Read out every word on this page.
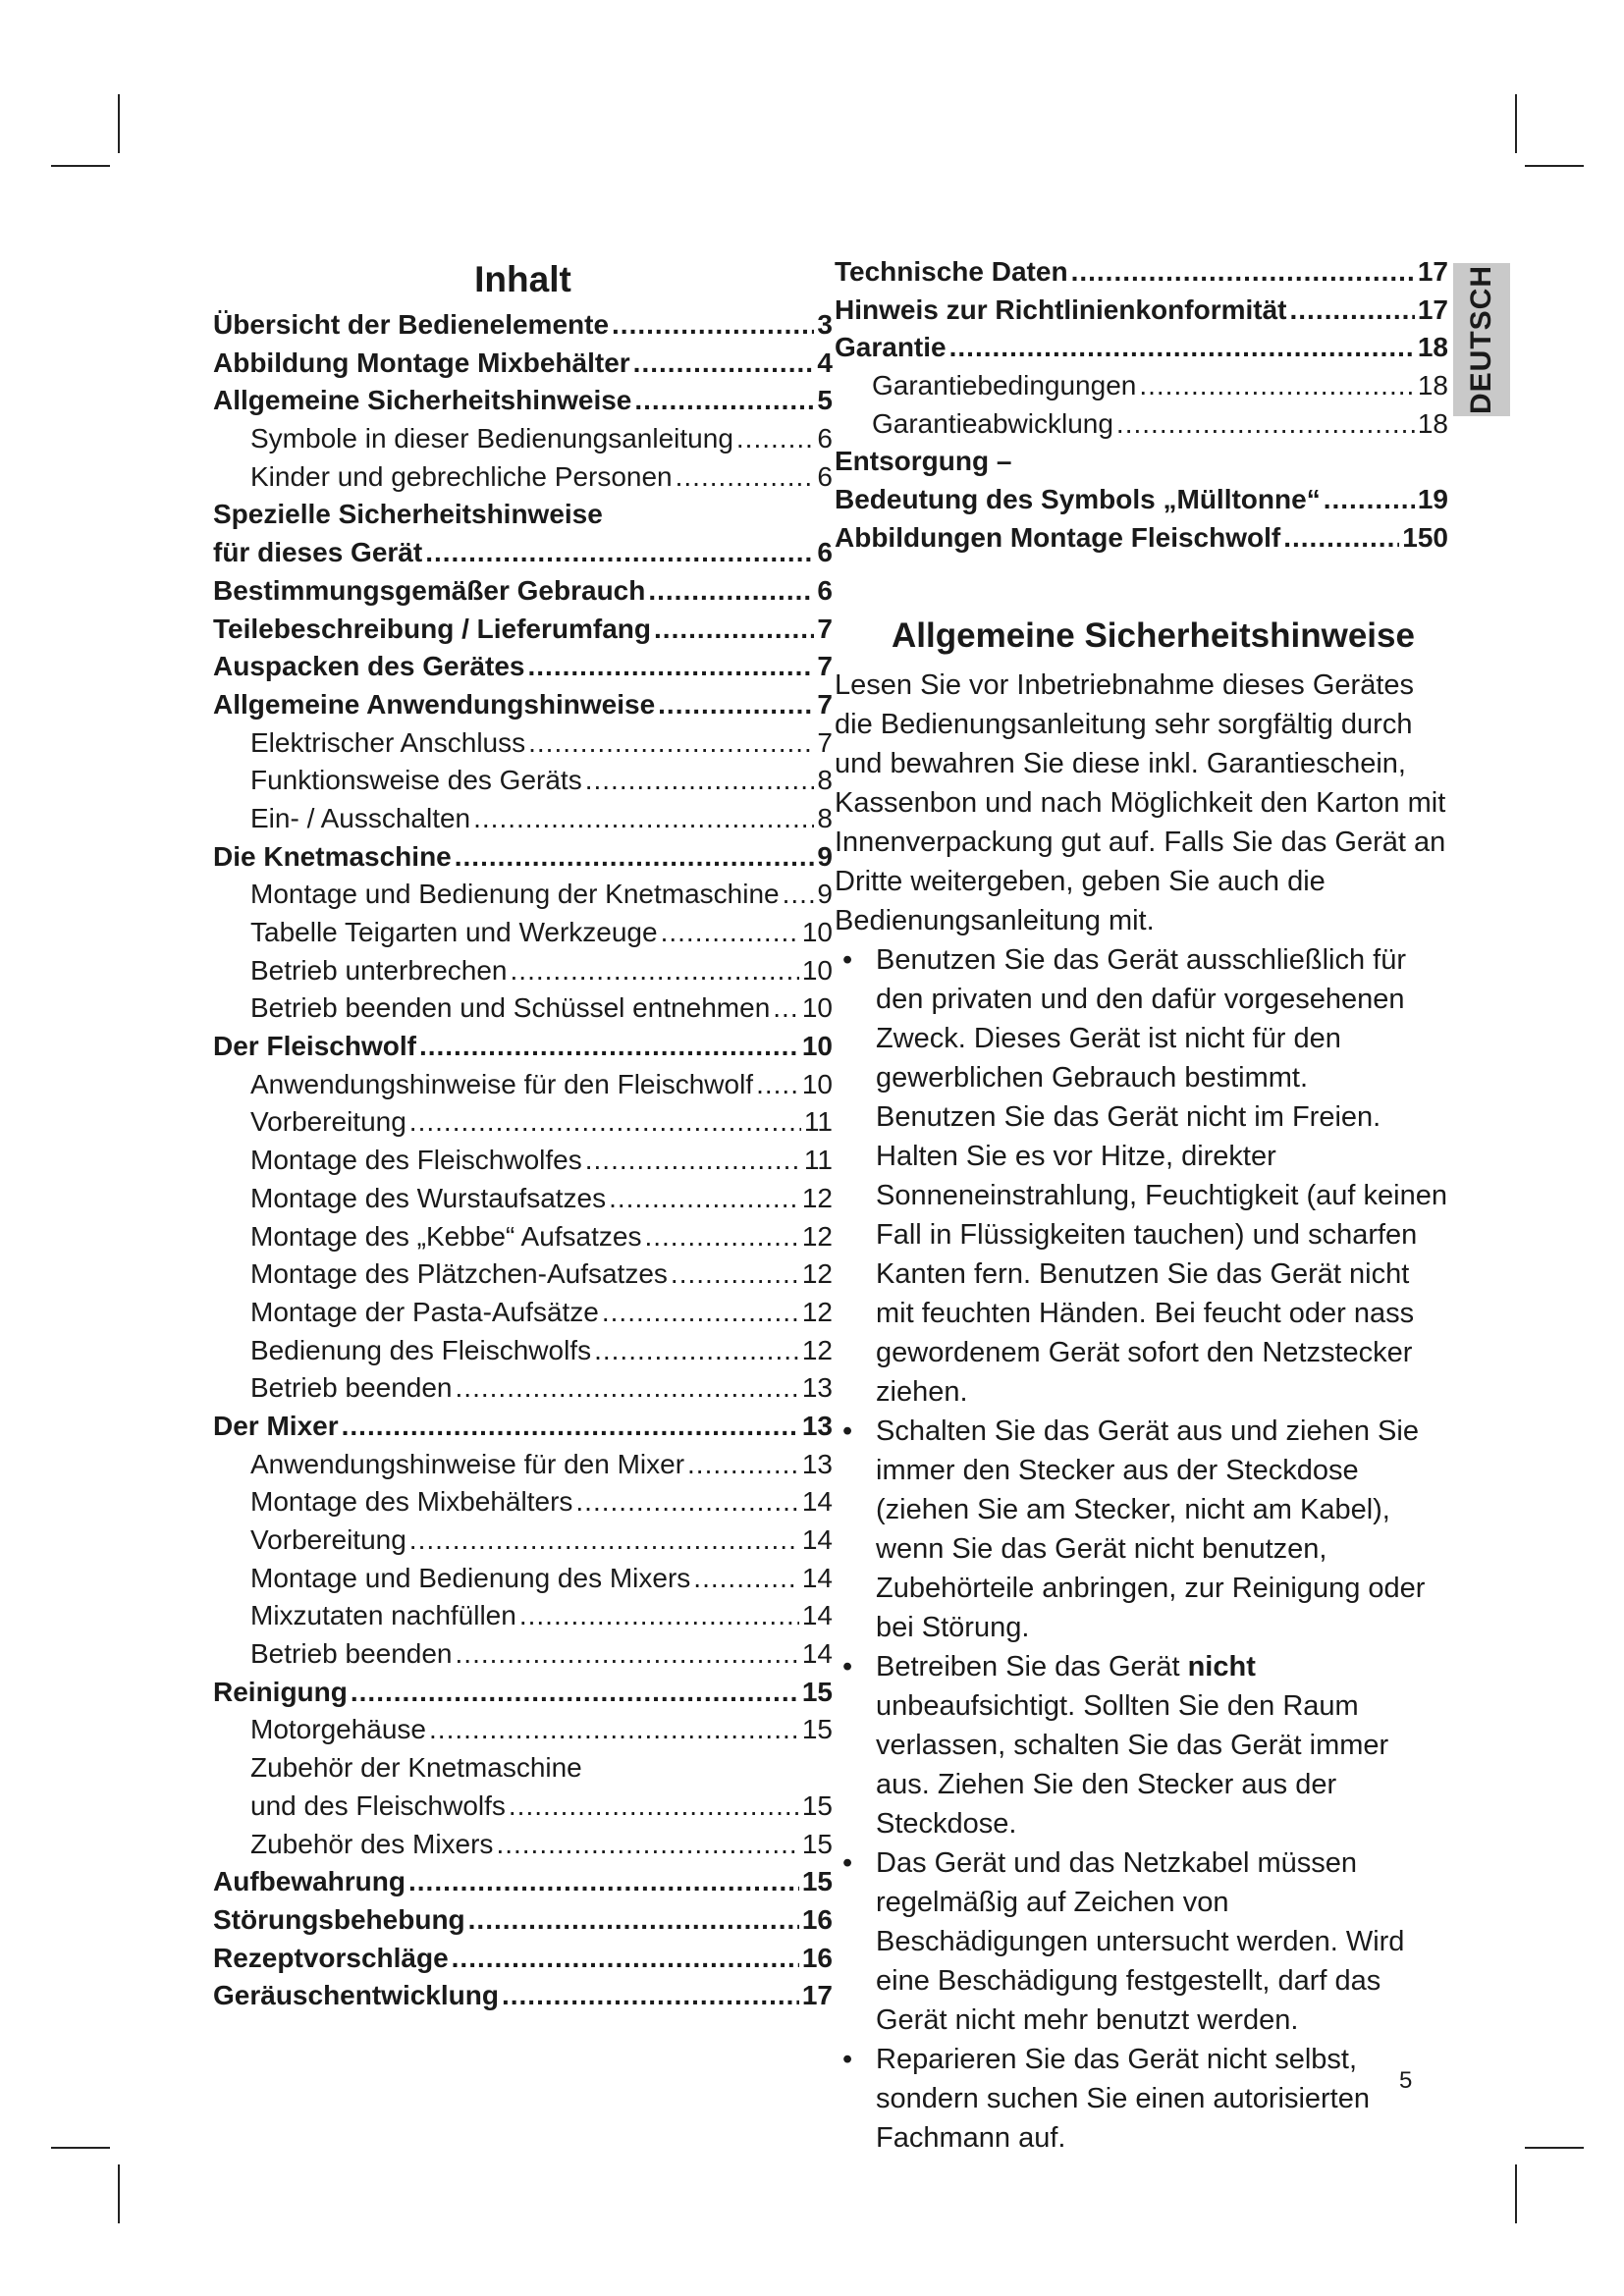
DEUTSCH
Inhalt
Übersicht der Bedienelemente .....	3
Abbildung Montage Mixbehälter .....	4
Allgemeine Sicherheitshinweise .....	5
Symbole in dieser Bedienungsanleitung .....	6
Kinder und gebrechliche Personen .....	6
Spezielle Sicherheitshinweise
für dieses Gerät .....	6
Bestimmungsgemäßer Gebrauch .....	6
Teilebeschreibung / Lieferumfang .....	7
Auspacken des Gerätes .....	7
Allgemeine Anwendungshinweise .....	7
Elektrischer Anschluss .....	7
Funktionsweise des Geräts .....	8
Ein- / Ausschalten .....	8
Die Knetmaschine .....	9
Montage und Bedienung der Knetmaschine ..... 9
Tabelle Teigarten und Werkzeuge .....	10
Betrieb unterbrechen .....	10
Betrieb beenden und Schüssel entnehmen ..... 10
Der Fleischwolf .....	10
Anwendungshinweise für den Fleischwolf ..... 10
Vorbereitung .....	11
Montage des Fleischwolfes .....	11
Montage des Wurstaufsatzes .....	12
Montage des „Kebbe“ Aufsatzes .....	12
Montage des Plätzchen-Aufsatzes .....	12
Montage der Pasta-Aufsätze .....	12
Bedienung des Fleischwolfs .....	12
Betrieb beenden .....	13
Der Mixer .....	13
Anwendungshinweise für den Mixer .....	13
Montage des Mixbehälters .....	14
Vorbereitung .....	14
Montage und Bedienung des Mixers .....	14
Mixzutaten nachfüllen .....	14
Betrieb beenden .....	14
Reinigung .....	15
Motorgehäuse .....	15
Zubehör der Knetmaschine
und des Fleischwolfs .....	15
Zubehör des Mixers .....	15
Aufbewahrung .....	15
Störungsbehebung .....	16
Rezeptvorschläge .....	16
Geräuschentwicklung .....	17
Technische Daten .....	17
Hinweis zur Richtlinienkonformität .....	17
Garantie .....	18
Garantiebedingungen .....	18
Garantieabwicklung .....	18
Entsorgung –
Bedeutung des Symbols „Mülltonne“ .....	19
Abbildungen Montage Fleischwolf .....	150
Allgemeine Sicherheitshinweise

Lesen Sie vor Inbetriebnahme dieses Gerätes die Bedienungsanleitung sehr sorgfältig durch und bewahren Sie diese inkl. Garantieschein, Kassenbon und nach Möglichkeit den Karton mit Innenverpackung gut auf. Falls Sie das Gerät an Dritte weitergeben, geben Sie auch die Bedienungsanleitung mit.

• Benutzen Sie das Gerät ausschließlich für den privaten und den dafür vorgesehenen Zweck. Dieses Gerät ist nicht für den gewerblichen Gebrauch bestimmt.

Benutzen Sie das Gerät nicht im Freien. Halten Sie es vor Hitze, direkter Sonneneinstrahlung, Feuchtigkeit (auf keinen Fall in Flüssigkeiten tauchen) und scharfen Kanten fern. Benutzen Sie das Gerät nicht mit feuchten Händen. Bei feucht oder nass gewordenem Gerät sofort den Netzstecker ziehen.

• Schalten Sie das Gerät aus und ziehen Sie immer den Stecker aus der Steckdose (ziehen Sie am Stecker, nicht am Kabel), wenn Sie das Gerät nicht benutzen, Zubehörteile anbringen, zur Reinigung oder bei Störung.

• Betreiben Sie das Gerät nicht unbeaufsichtigt. Sollten Sie den Raum verlassen, schalten Sie das Gerät immer aus. Ziehen Sie den Stecker aus der Steckdose.

• Das Gerät und das Netzkabel müssen regelmäßig auf Zeichen von Beschädigungen untersucht werden. Wird eine Beschädigung festgestellt, darf das Gerät nicht mehr benutzt werden.

• Reparieren Sie das Gerät nicht selbst, sondern suchen Sie einen autorisierten Fachmann auf.

5
